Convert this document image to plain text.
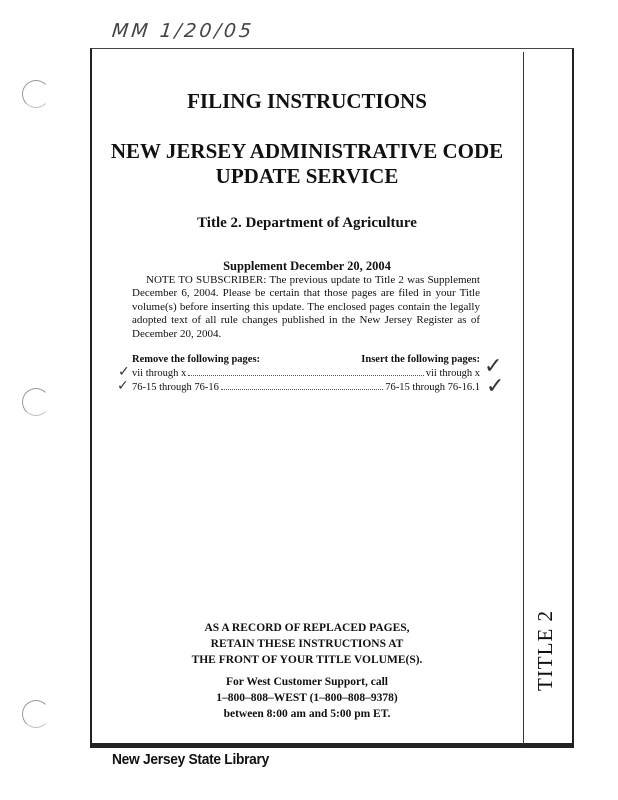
MM 1/20/05
TITLE 2
FILING INSTRUCTIONS
NEW JERSEY ADMINISTRATIVE CODE
UPDATE SERVICE
Title 2. Department of Agriculture
Supplement December 20, 2004
NOTE TO SUBSCRIBER: The previous update to Title 2 was Supplement December 6, 2004. Please be certain that those pages are filed in your Title volume(s) before inserting this update. The enclosed pages contain the legally adopted text of all rule changes published in the New Jersey Register as of December 20, 2004.
Remove the following pages:	Insert the following pages:
vii through x	vii through x
76-15 through 76-16	76-15 through 76-16.1
✓
✓
✓
✓
AS A RECORD OF REPLACED PAGES,
RETAIN THESE INSTRUCTIONS AT
THE FRONT OF YOUR TITLE VOLUME(S).
For West Customer Support, call
1–800–808–WEST (1–800–808–9378)
between 8:00 am and 5:00 pm ET.
New Jersey State Library
